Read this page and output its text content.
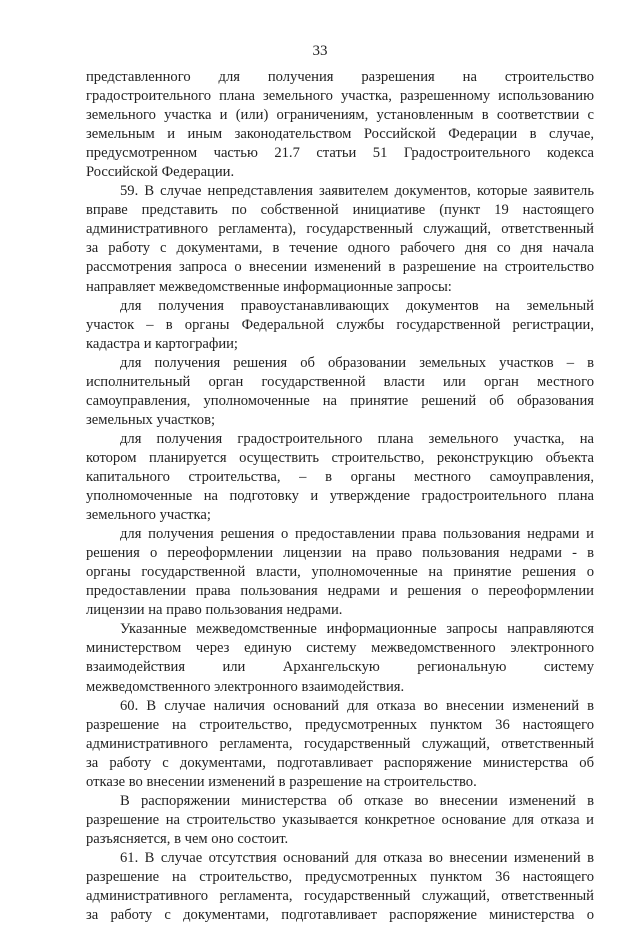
33
представленного для получения разрешения на строительство
градостроительного плана земельного участка, разрешенному использованию
земельного участка и (или) ограничениям, установленным в соответствии с
земельным и иным законодательством Российской Федерации в случае,
предусмотренном частью 21.7 статьи 51 Градостроительного кодекса
Российской Федерации.
59. В случае непредставления заявителем документов, которые заявитель
вправе представить по собственной инициативе (пункт 19 настоящего
административного регламента), государственный служащий, ответственный
за работу с документами, в течение одного рабочего дня со дня начала
рассмотрения запроса о внесении изменений в разрешение на строительство
направляет межведомственные информационные запросы:
для получения правоустанавливающих документов на земельный
участок – в органы Федеральной службы государственной регистрации,
кадастра и картографии;
для получения решения об образовании земельных участков – в
исполнительный орган государственной власти или орган местного
самоуправления, уполномоченные на принятие решений об образования
земельных участков;
для получения градостроительного плана земельного участка, на
котором планируется осуществить строительство, реконструкцию объекта
капитального строительства, – в органы местного самоуправления,
уполномоченные на подготовку и утверждение градостроительного плана
земельного участка;
для получения решения о предоставлении права пользования недрами и
решения о переоформлении лицензии на право пользования недрами - в
органы государственной власти, уполномоченные на принятие решения о
предоставлении права пользования недрами и решения о переоформлении
лицензии на право пользования недрами.
Указанные межведомственные информационные запросы направляются
министерством через единую систему межведомственного электронного
взаимодействия или Архангельскую региональную систему
межведомственного электронного взаимодействия.
60. В случае наличия оснований для отказа во внесении изменений в
разрешение на строительство, предусмотренных пунктом 36 настоящего
административного регламента, государственный служащий, ответственный
за работу с документами, подготавливает распоряжение министерства об
отказе во внесении изменений в разрешение на строительство.
В распоряжении министерства об отказе во внесении изменений в
разрешение на строительство указывается конкретное основание для отказа и
разъясняется, в чем оно состоит.
61. В случае отсутствия оснований для отказа во внесении изменений в
разрешение на строительство, предусмотренных пунктом 36 настоящего
административного регламента, государственный служащий, ответственный
за работу с документами, подготавливает распоряжение министерства о
